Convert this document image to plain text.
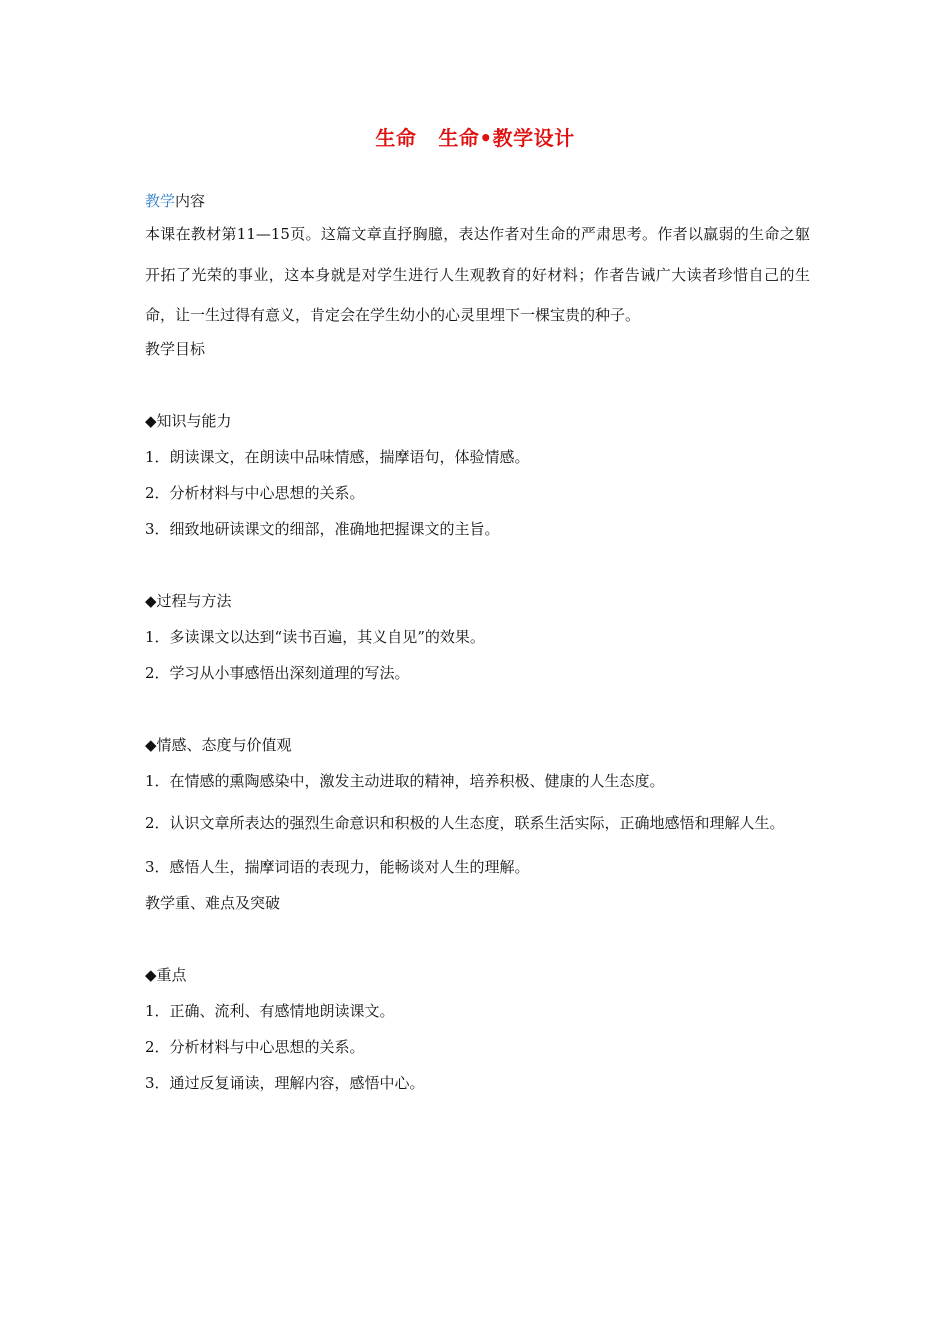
生命 生命•教学设计
教学内容
本课在教材第11—15页。这篇文章直抒胸臆，表达作者对生命的严肃思考。作者以羸弱的生命之躯开拓了光荣的事业，这本身就是对学生进行人生观教育的好材料；作者告诫广大读者珍惜自己的生命，让一生过得有意义，肯定会在学生幼小的心灵里埋下一棵宝贵的种子。
教学目标
◆知识与能力
1．朗读课文，在朗读中品味情感，揣摩语句，体验情感。
2．分析材料与中心思想的关系。
3．细致地研读课文的细部，准确地把握课文的主旨。
◆过程与方法
1．多读课文以达到“读书百遍，其义自见”的效果。
2．学习从小事感悟出深刻道理的写法。
◆情感、态度与价值观
1．在情感的熏陶感染中，激发主动进取的精神，培养积极、健康的人生态度。
2．认识文章所表达的强烈生命意识和积极的人生态度，联系生活实际，正确地感悟和理解人生。
3．感悟人生，揣摩词语的表现力，能畅谈对人生的理解。
教学重、难点及突破
◆重点
1．正确、流利、有感情地朗读课文。
2．分析材料与中心思想的关系。
3．通过反复诵读，理解内容，感悟中心。
